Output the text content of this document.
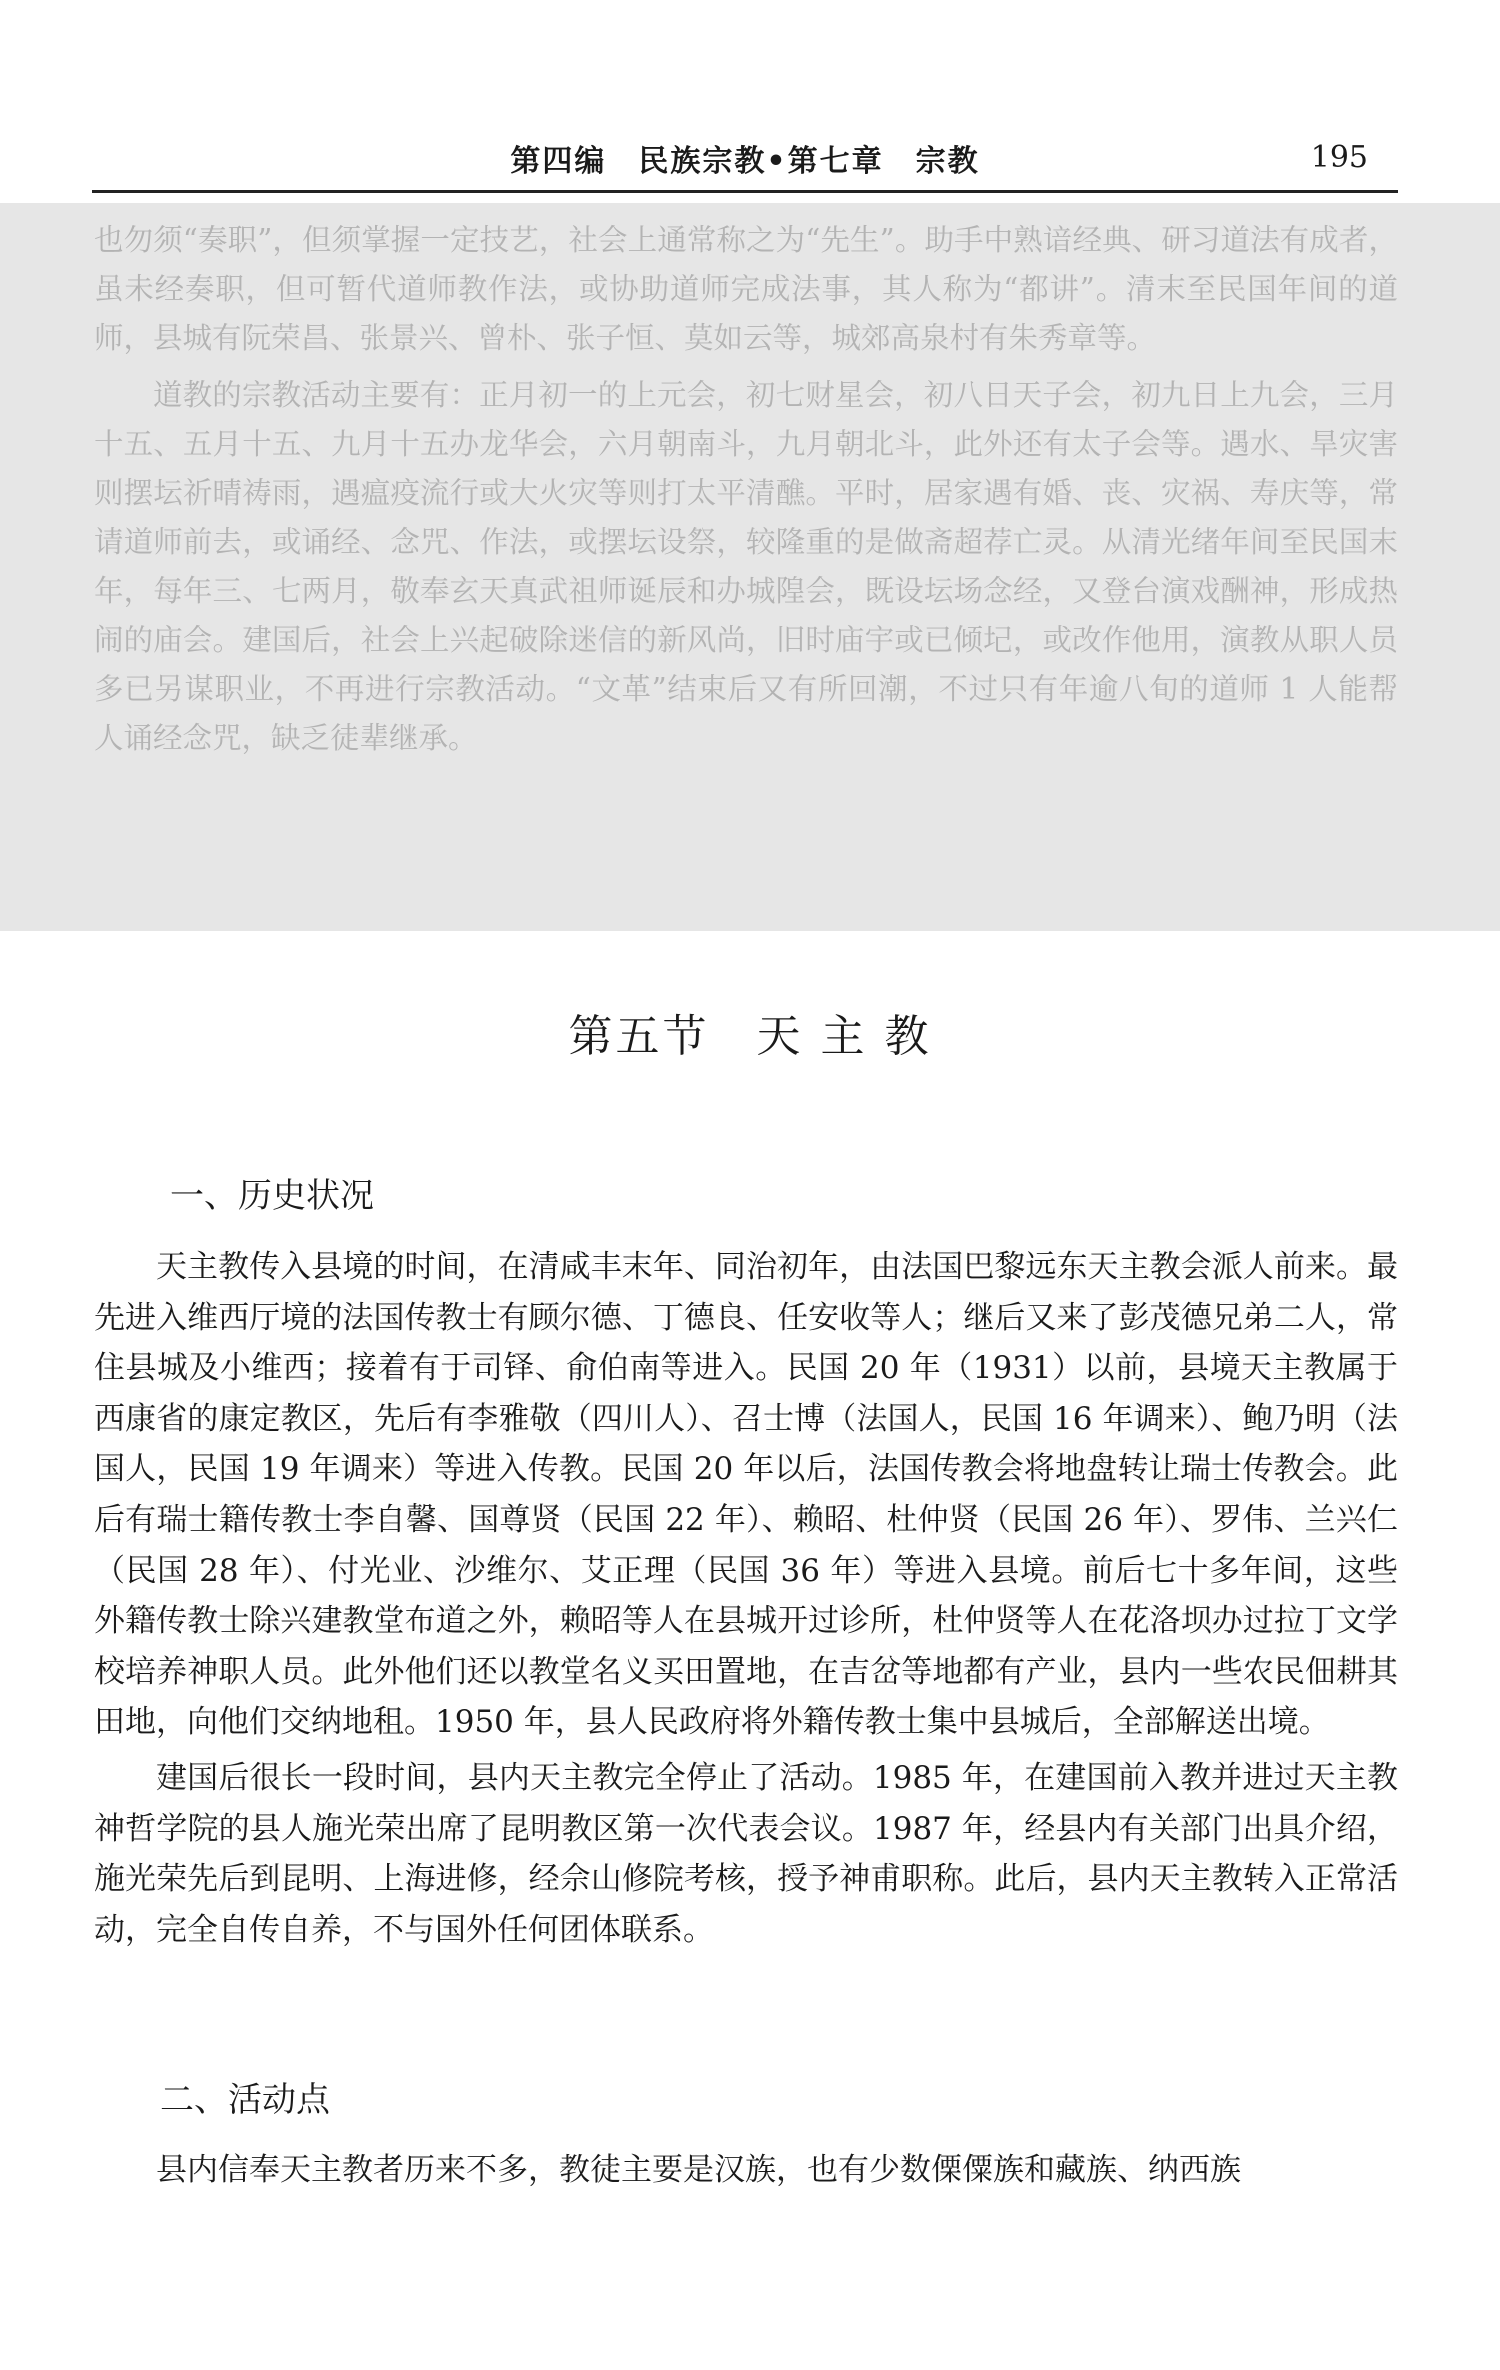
第四编　民族宗教•第七章　宗教	195

也勿须“奏职”，但须掌握一定技艺，社会上通常称之为“先生”。助手中熟谙经典、研习道法有成者，虽未经奏职，但可暂代道师教作法，或协助道师完成法事，其人称为“都讲”。清末至民国年间的道师，县城有阮荣昌、张景兴、曾朴、张子恒、莫如云等，城郊高泉村有朱秀章等。

道教的宗教活动主要有：正月初一的上元会，初七财星会，初八日天子会，初九日上九会，三月十五、五月十五、九月十五办龙华会，六月朝南斗，九月朝北斗，此外还有太子会等。遇水、旱灾害则摆坛祈晴祷雨，遇瘟疫流行或大火灾等则打太平清醮。平时，居家遇有婚、丧、灾祸、寿庆等，常请道师前去，或诵经、念咒、作法，或摆坛设祭，较隆重的是做斋超荐亡灵。从清光绪年间至民国末年，每年三、七两月，敬奉玄天真武祖师诞辰和办城隍会，既设坛场念经，又登台演戏酬神，形成热闹的庙会。建国后，社会上兴起破除迷信的新风尚，旧时庙宇或已倾圮，或改作他用，演教从职人员多已另谋职业，不再进行宗教活动。“文革”结束后又有所回潮，不过只有年逾八旬的道师 1 人能帮人诵经念咒，缺乏徒辈继承。

第五节　天 主 教
一、历史状况

天主教传入县境的时间，在清咸丰末年、同治初年，由法国巴黎远东天主教会派人前来。最先进入维西厅境的法国传教士有顾尔德、丁德良、任安收等人；继后又来了彭茂德兄弟二人，常住县城及小维西；接着有于司铎、俞伯南等进入。民国 20 年（1931）以前，县境天主教属于西康省的康定教区，先后有李雅敬（四川人）、召士博（法国人，民国 16 年调来）、鲍乃明（法国人，民国 19 年调来）等进入传教。民国 20 年以后，法国传教会将地盘转让瑞士传教会。此后有瑞士籍传教士李自馨、国尊贤（民国 22 年）、赖昭、杜仲贤（民国 26 年）、罗伟、兰兴仁（民国 28 年）、付光业、沙维尔、艾正理（民国 36 年）等进入县境。前后七十多年间，这些外籍传教士除兴建教堂布道之外，赖昭等人在县城开过诊所，杜仲贤等人在花洛坝办过拉丁文学校培养神职人员。此外他们还以教堂名义买田置地，在吉岔等地都有产业，县内一些农民佃耕其田地，向他们交纳地租。1950 年，县人民政府将外籍传教士集中县城后，全部解送出境。

建国后很长一段时间，县内天主教完全停止了活动。1985 年，在建国前入教并进过天主教神哲学院的县人施光荣出席了昆明教区第一次代表会议。1987 年，经县内有关部门出具介绍，施光荣先后到昆明、上海进修，经佘山修院考核，授予神甫职称。此后，县内天主教转入正常活动，完全自传自养，不与国外任何团体联系。

二、活动点

县内信奉天主教者历来不多，教徒主要是汉族，也有少数傈僳族和藏族、纳西族
